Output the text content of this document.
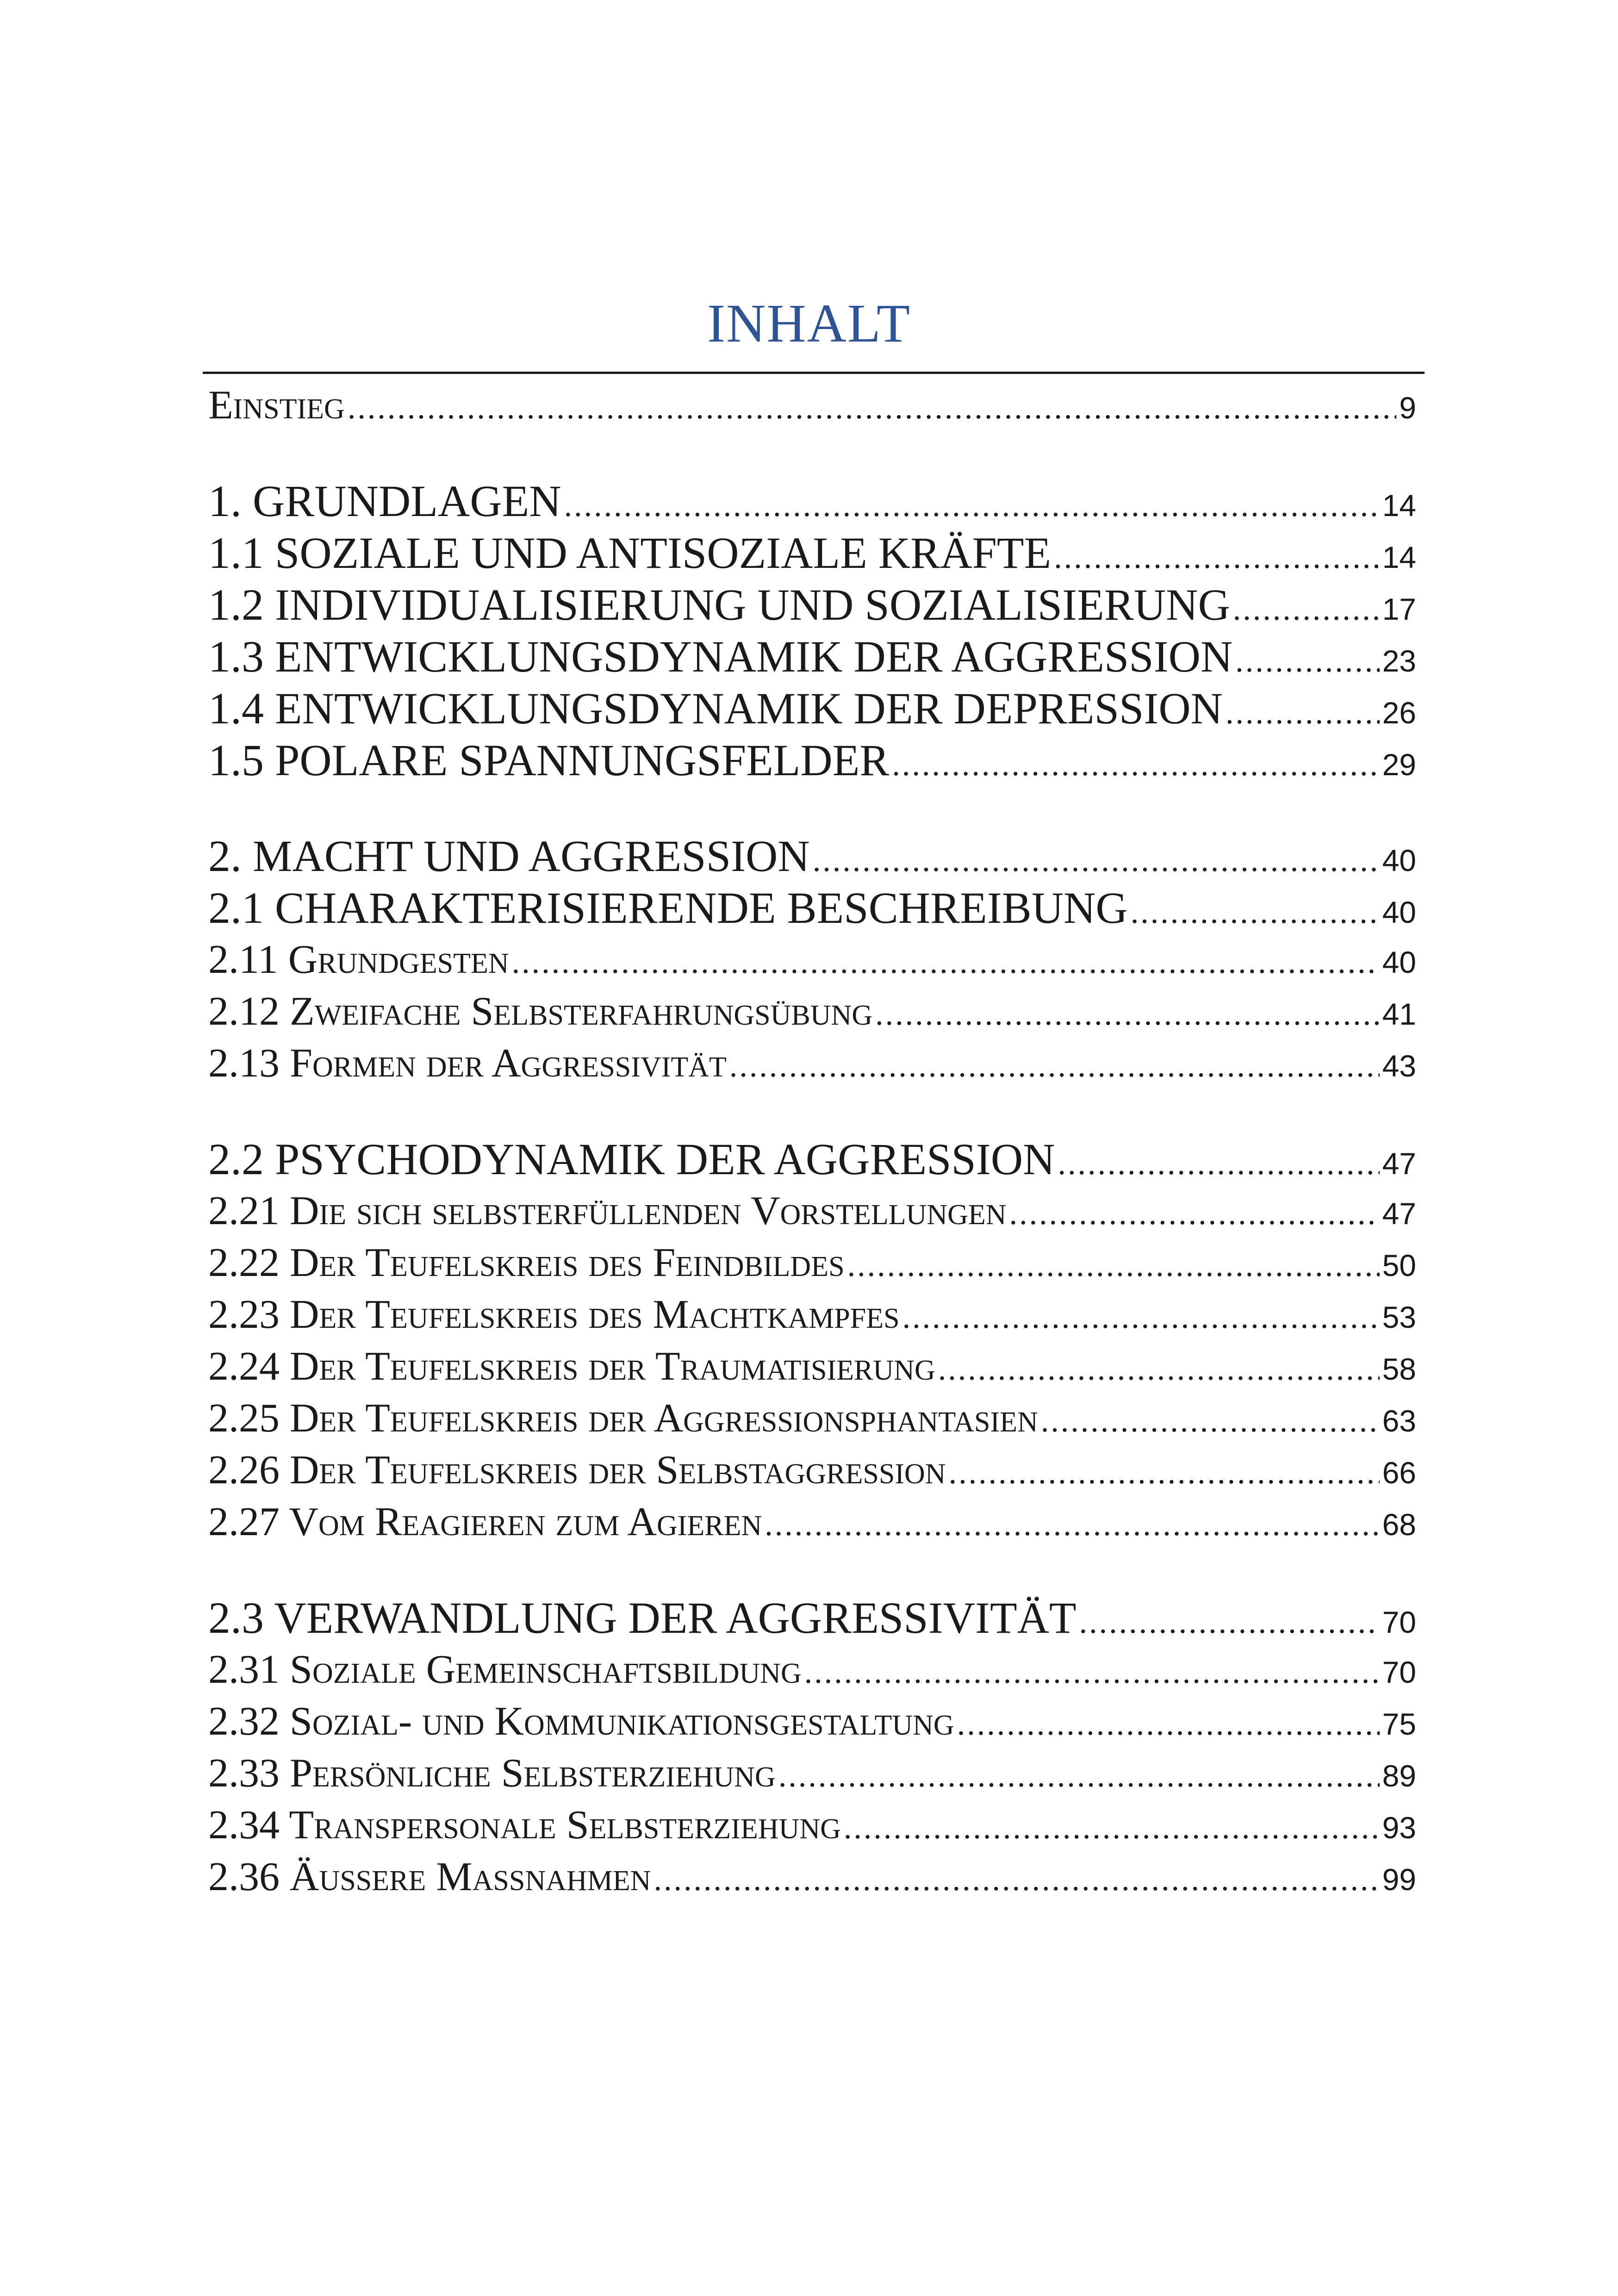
INHALT
Einstieg .....	9
1. GRUNDLAGEN .....	14
1.1 SOZIALE UND ANTISOZIALE KRÄFTE .....	14
1.2 INDIVIDUALISIERUNG UND SOZIALISIERUNG .....	17
1.3 ENTWICKLUNGSDYNAMIK DER AGGRESSION .....	23
1.4 ENTWICKLUNGSDYNAMIK DER DEPRESSION .....	26
1.5 POLARE SPANNUNGSFELDER .....	29
2. MACHT UND AGGRESSION .....	40
2.1 CHARAKTERISIERENDE BESCHREIBUNG .....	40
2.11 Grundgesten .....	40
2.12 Zweifache Selbsterfahrungsübung .....	41
2.13 Formen der Aggressivität .....	43
2.2 PSYCHODYNAMIK DER AGGRESSION .....	47
2.21 Die sich selbsterfüllenden Vorstellungen .....	47
2.22 Der Teufelskreis des Feindbildes .....	50
2.23 Der Teufelskreis des Machtkampfes .....	53
2.24 Der Teufelskreis der Traumatisierung .....	58
2.25 Der Teufelskreis der Aggressionsphantasien .....	63
2.26 Der Teufelskreis der Selbstaggression .....	66
2.27 Vom Reagieren zum Agieren .....	68
2.3 VERWANDLUNG DER AGGRESSIVITÄT .....	70
2.31 Soziale Gemeinschaftsbildung .....	70
2.32 Sozial- und Kommunikationsgestaltung .....	75
2.33 Persönliche Selbsterziehung .....	89
2.34 Transpersonale Selbsterziehung .....	93
2.36 Äußere Maßnahmen .....	99
